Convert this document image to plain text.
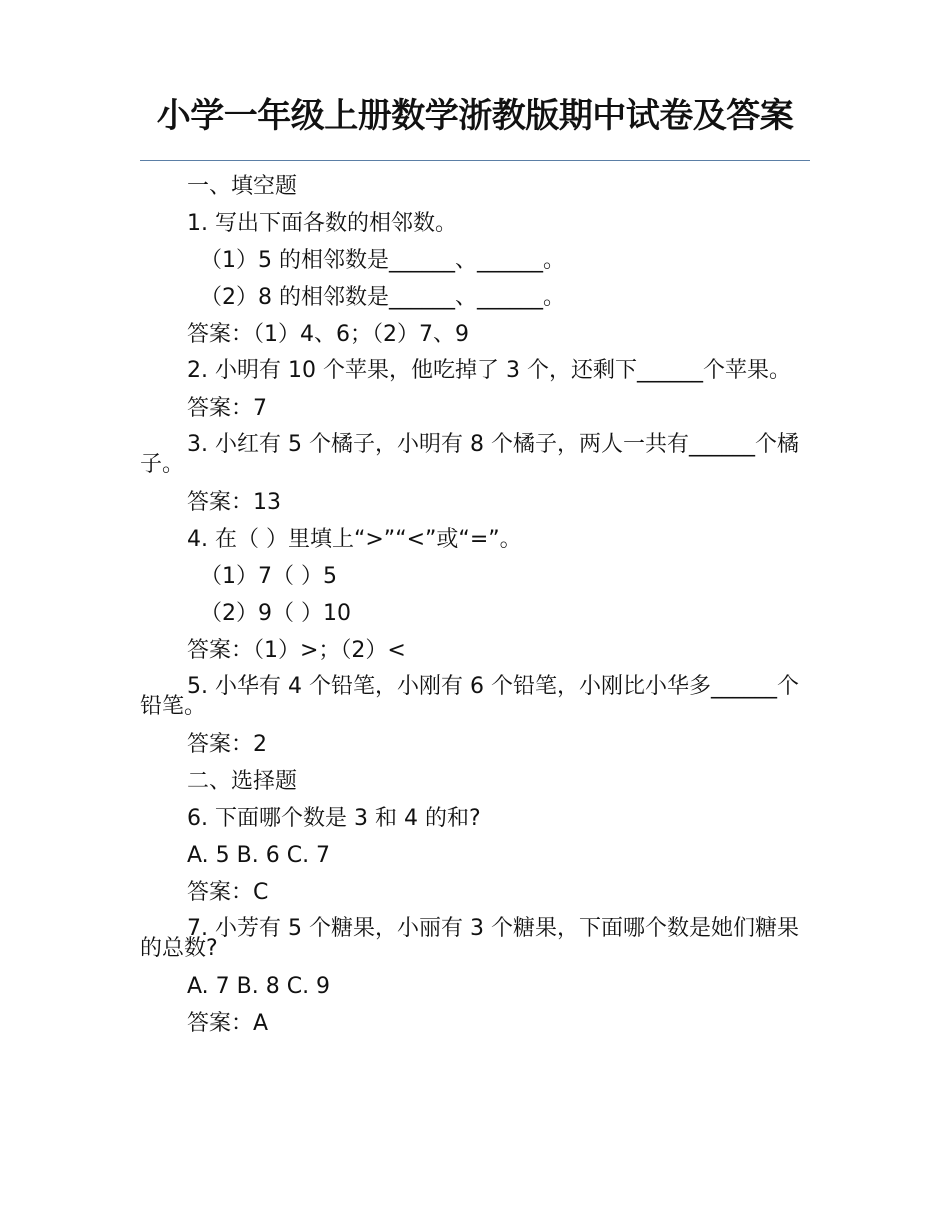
小学一年级上册数学浙教版期中试卷及答案
一、填空题
1. 写出下面各数的相邻数。
（1）5 的相邻数是______、______。
（2）8 的相邻数是______、______。
答案：（1）4、6；（2）7、9
2. 小明有 10 个苹果，他吃掉了 3 个，还剩下______个苹果。
答案：7
3. 小红有 5 个橘子，小明有 8 个橘子，两人一共有______个橘子。
答案：13
4. 在（ ）里填上“>”“<”或“=”。
（1）7（ ）5
（2）9（ ）10
答案：（1）>；（2）<
5. 小华有 4 个铅笔，小刚有 6 个铅笔，小刚比小华多______个铅笔。
答案：2
二、选择题
6. 下面哪个数是 3 和 4 的和?
A. 5 B. 6 C. 7
答案：C
7. 小芳有 5 个糖果，小丽有 3 个糖果，下面哪个数是她们糖果的总数?
A. 7 B. 8 C. 9
答案：A
